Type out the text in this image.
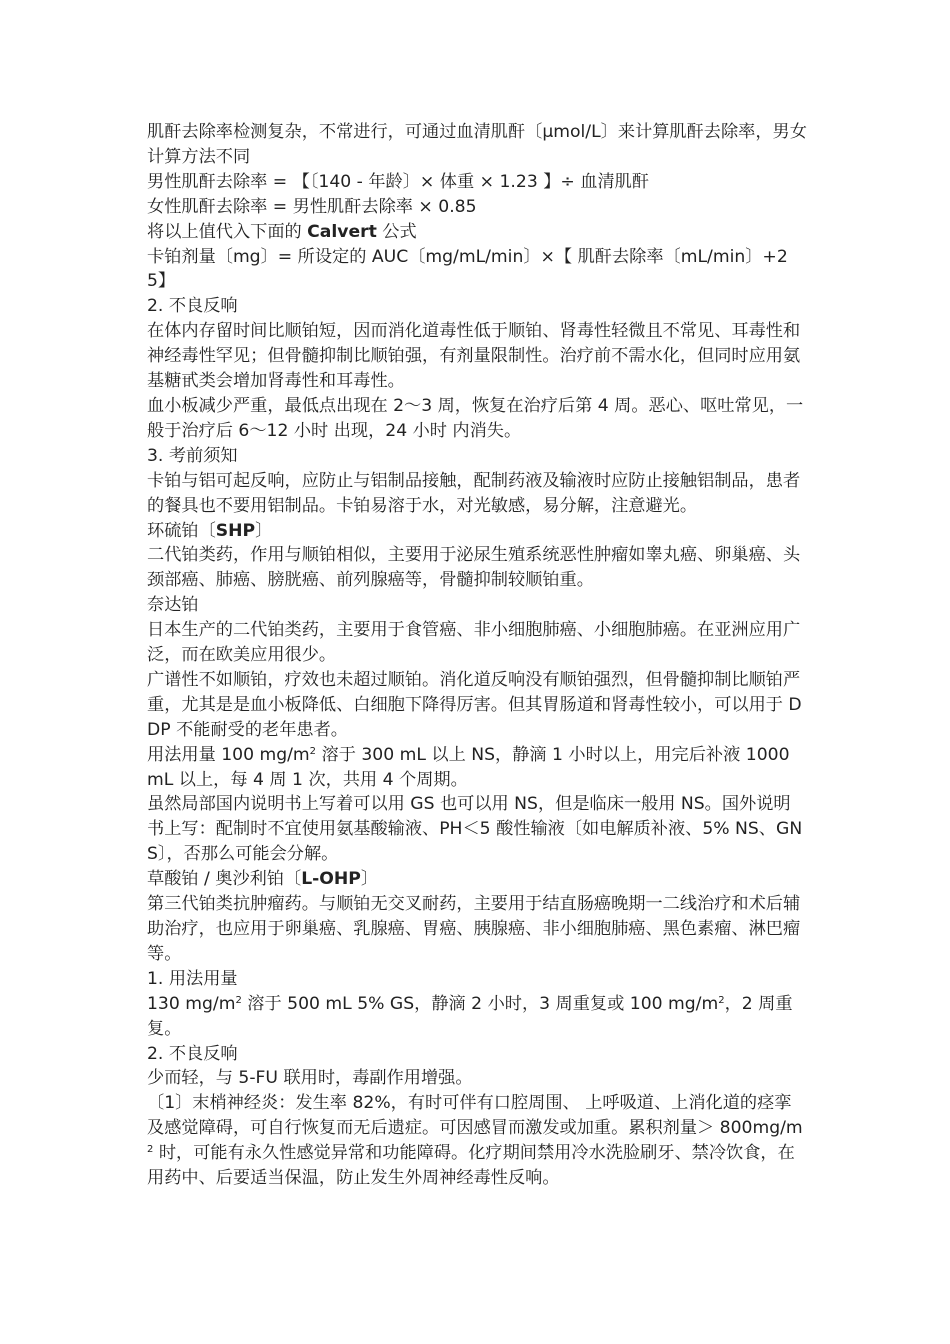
肌酐去除率检测复杂，不常进行，可通过血清肌酐〔μmol/L〕来计算肌酐去除率，男女计算方法不同
男性肌酐去除率 = 【〔140 - 年龄〕× 体重 × 1.23 】÷ 血清肌酐
女性肌酐去除率 = 男性肌酐去除率 × 0.85
将以上值代入下面的 Calvert 公式
卡铂剂量〔mg〕= 所设定的 AUC〔mg/mL/min〕×【 肌酐去除率〔mL/min〕+25】
2. 不良反响
在体内存留时间比顺铂短，因而消化道毒性低于顺铂、肾毒性轻微且不常见、耳毒性和神经毒性罕见；但骨髓抑制比顺铂强，有剂量限制性。治疗前不需水化，但同时应用氨基糖甙类会增加肾毒性和耳毒性。
血小板减少严重，最低点出现在 2～3 周，恢复在治疗后第 4 周。恶心、呕吐常见，一般于治疗后 6～12 小时 出现，24 小时 内消失。
3. 考前须知
卡铂与铝可起反响，应防止与铝制品接触，配制药液及输液时应防止接触铝制品，患者的餐具也不要用铝制品。卡铂易溶于水，对光敏感，易分解，注意避光。
环硫铂〔SHP〕
二代铂类药，作用与顺铂相似，主要用于泌尿生殖系统恶性肿瘤如睾丸癌、卵巢癌、头颈部癌、肺癌、膀胱癌、前列腺癌等，骨髓抑制较顺铂重。
奈达铂
日本生产的二代铂类药，主要用于食管癌、非小细胞肺癌、小细胞肺癌。在亚洲应用广泛，而在欧美应用很少。
广谱性不如顺铂，疗效也未超过顺铂。消化道反响没有顺铂强烈，但骨髓抑制比顺铂严重，尤其是是血小板降低、白细胞下降得厉害。但其胃肠道和肾毒性较小，可以用于 DDP 不能耐受的老年患者。
用法用量 100 $mg/m^2$ 溶于 300 mL 以上 NS，静滴 1 小时以上，用完后补液 1000 mL 以上，每 4 周 1 次，共用 4 个周期。
虽然局部国内说明书上写着可以用 GS 也可以用 NS，但是临床一般用 NS。国外说明书上写：配制时不宜使用氨基酸输液、PH＜5 酸性输液〔如电解质补液、5% NS、GNS〕，否那么可能会分解。
草酸铂 / 奥沙利铂〔L-OHP〕
第三代铂类抗肿瘤药。与顺铂无交叉耐药，主要用于结直肠癌晚期一二线治疗和术后辅助治疗，也应用于卵巢癌、乳腺癌、胃癌、胰腺癌、非小细胞肺癌、黑色素瘤、淋巴瘤等。
1. 用法用量
130 $mg/m^2$ 溶于 500 mL 5% GS，静滴 2 小时，3 周重复或 100 $mg/m^2$，2 周重复。
2. 不良反响
少而轻，与 5-FU 联用时，毒副作用增强。
〔1〕末梢神经炎：发生率 82%，有时可伴有口腔周围、 上呼吸道、上消化道的痉挛及感觉障碍，可自行恢复而无后遗症。可因感冒而激发或加重。累积剂量＞ $800mg/m^2$ 时，可能有永久性感觉异常和功能障碍。化疗期间禁用冷水洗脸刷牙、禁冷饮食，在用药中、后要适当保温，防止发生外周神经毒性反响。
